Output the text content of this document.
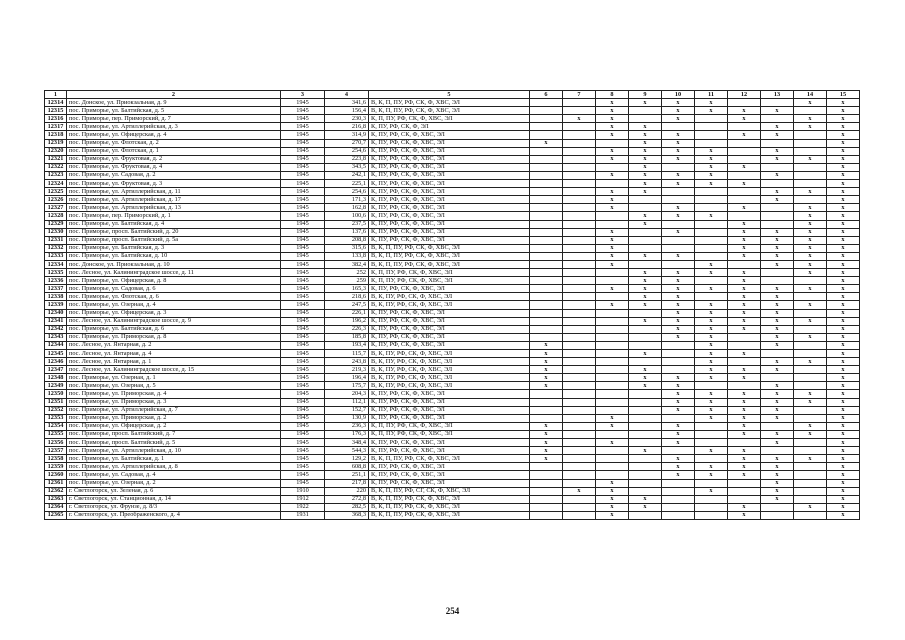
1	2	3	4	5	6	7	8	9	10	11	12	13	14	15
12314	пос. Донское, ул. Приокзальная, д. 9	1945	341,6	В, К, П, ПУ, РФ, СК, Ф, ХВС, ЭЛ			x	x	x	x			x	x
12315	пос. Приморье, ул. Балтийская, д. 5	1945	156,4	В, К, П, ПУ, РФ, СК, Ф, ХВС, ЭЛ			x		x	x	x	x		x
12316	пос. Приморье, пер. Приморский, д. 7	1945	230,3	К, П, ПУ, РФ, СК, Ф, ХВС, ЭЛ		x	x		x		x		x	x
12317	пос. Приморье, ул. Артиллерийская, д. 3	1945	216,8	К, ПУ, РФ, СК, Ф, ЭЛ			x	x				x	x	x
12318	пос. Приморье, ул. Офицерская, д. 4	1945	314,9	К, ПУ, РФ, СК, Ф, ХВС, ЭЛ			x	x	x		x	x		x
12319	пос. Приморье, ул. Флотская, д. 2	1945	270,7	К, ПУ, РФ, СК, Ф, ХВС, ЭЛ	x			x	x					x
12320	пос. Приморье, ул. Флотская, д. 1	1945	254,6	К, ПУ, РФ, СК, Ф, ХВС, ЭЛ			x	x	x	x		x		x
12321	пос. Приморье, ул. Фруктовая, д. 2	1945	223,8	К, ПУ, РФ, СК, Ф, ХВС, ЭЛ			x	x	x	x		x	x	x
12322	пос. Приморье, ул. Фруктовая, д. 4	1945	343,5	К, ПУ, РФ, СК, Ф, ХВС, ЭЛ				x		x	x			x
12323	пос. Приморье, ул. Садовая, д. 2	1945	242,1	К, ПУ, РФ, СК, Ф, ХВС, ЭЛ			x	x	x	x		x		x
12324	пос. Приморье, ул. Фруктовая, д. 3	1945	225,1	К, ПУ, РФ, СК, Ф, ХВС, ЭЛ				x	x	x	x			x
12325	пос. Приморье, ул. Артиллерийская, д. 11	1945	254,6	К, ПУ, РФ, СК, Ф, ХВС, ЭЛ			x	x				x	x	x
12326	пос. Приморье, ул. Артиллерийская, д. 17	1945	171,3	К, ПУ, РФ, СК, Ф, ХВС, ЭЛ			x					x		x
12327	пос. Приморье, ул. Артиллерийская, д. 13	1945	162,8	К, ПУ, РФ, СК, Ф, ХВС, ЭЛ			x		x		x		x	x
12328	пос. Приморье, пер. Приморский, д. 1	1945	100,6	К, ПУ, РФ, СК, Ф, ХВС, ЭЛ				x	x	x			x	x
12329	пос. Приморье, ул. Балтийская, д. 4	1945	237,5	К, ПУ, РФ, СК, Ф, ХВС, ЭЛ				x			x		x	x
12330	пос. Приморье, просп. Балтийский, д. 20	1945	137,6	К, ПУ, РФ, СК, Ф, ХВС, ЭЛ			x		x		x	x	x	x
12331	пос. Приморье, просп. Балтийский, д. 5а	1945	208,8	К, ПУ, РФ, СК, Ф, ХВС, ЭЛ			x				x	x	x	x
12332	пос. Приморье, ул. Балтийская, д. 3	1945	315,6	В, К, П, ПУ, РФ, СК, Ф, ХВС, ЭЛ			x				x	x	x	x
12333	пос. Приморье, ул. Балтийская, д. 10	1945	133,8	В, К, П, ПУ, РФ, СК, Ф, ХВС, ЭЛ			x	x	x		x	x	x	x
12334	пос. Донское, ул. Приокзальная, д. 10	1945	382,4	В, К, П, ПУ, РФ, СК, Ф, ХВС, ЭЛ			x			x		x	x	x
12335	пос. Лесное, ул. Калининградское шоссе, д. 11	1945	252	К, П, ПУ, РФ, СК, Ф, ХВС, ЭЛ				x	x	x	x		x	x
12336	пос. Приморье, ул. Офицерская, д. 8	1945	259	К, П, ПУ, РФ, СК, Ф, ХВС, ЭЛ				x	x		x			x
12337	пос. Приморье, ул. Садовая, д. 6	1945	165,3	К, ПУ, РФ, СК, Ф, ХВС, ЭЛ			x	x	x	x	x	x	x	x
12338	пос. Приморье, ул. Флотская, д. 6	1945	218,6	В, К, ПУ, РФ, СК, Ф, ХВС, ЭЛ				x	x		x	x		x
12339	пос. Приморье, ул. Озерная, д. 4	1945	247,5	В, К, ПУ, РФ, СК, Ф, ХВС, ЭЛ			x	x	x	x	x	x	x	x
12340	пос. Приморье, ул. Офицерская, д. 3	1945	226,1	К, ПУ, РФ, СК, Ф, ХВС, ЭЛ					x	x	x	x		x
12341	пос. Лесное, ул. Калининградское шоссе, д. 9	1945	196,2	К, ПУ, РФ, СК, Ф, ХВС, ЭЛ				x	x	x	x	x	x	x
12342	пос. Приморье, ул. Балтийская, д. 6	1945	226,3	К, ПУ, РФ, СК, Ф, ХВС, ЭЛ					x	x	x	x		x
12343	пос. Приморье, ул. Приморская, д. 8	1945	185,8	К, ПУ, РФ, СК, Ф, ХВС, ЭЛ					x	x		x	x	x
12344	пос. Лесное, ул. Янтарная, д. 2	1945	193,4	К, ПУ, РФ, СК, Ф, ХВС, ЭЛ	x					x		x		x
12345	пос. Лесное, ул. Янтарная, д. 4	1945	115,7	В, К, ПУ, РФ, СК, Ф, ХВС, ЭЛ	x			x		x	x			x
12346	пос. Лесное, ул. Янтарная, д. 1	1945	243,8	В, К, ПУ, РФ, СК, Ф, ХВС, ЭЛ	x					x		x	x	x
12347	пос. Лесное, ул. Калининградское шоссе, д. 15	1945	219,3	В, К, ПУ, РФ, СК, Ф, ХВС, ЭЛ	x			x		x	x	x		x
12348	пос. Приморье, ул. Озерная, д. 1	1945	196,4	В, К, ПУ, РФ, СК, Ф, ХВС, ЭЛ	x			x	x	x	x			x
12349	пос. Приморье, ул. Озерная, д. 5	1945	175,7	В, К, ПУ, РФ, СК, Ф, ХВС, ЭЛ	x			x	x			x		x
12350	пос. Приморье, ул. Приморская, д. 4	1945	204,3	К, ПУ, РФ, СК, Ф, ХВС, ЭЛ					x	x	x	x	x	x
12351	пос. Приморье, ул. Приморская, д. 3	1945	112,1	К, ПУ, РФ, СК, Ф, ХВС, ЭЛ					x	x	x	x	x	x
12352	пос. Приморье, ул. Артиллерийская, д. 7	1945	152,7	К, ПУ, РФ, СК, Ф, ХВС, ЭЛ					x	x	x	x		x
12353	пос. Приморье, ул. Приморская, д. 2	1945	130,9	К, ПУ, РФ, СК, Ф, ХВС, ЭЛ			x			x	x	x		x
12354	пос. Приморье, ул. Офицерская, д. 2	1945	236,3	К, П, ПУ, РФ, СК, Ф, ХВС, ЭЛ	x		x		x		x		x	x
12355	пос. Приморье, просп. Балтийский, д. 7	1945	176,3	К, П, ПУ, РФ, СК, Ф, ХВС, ЭЛ	x				x		x	x	x	x
12356	пос. Приморье, просп. Балтийский, д. 5	1945	348,4	К, ПУ, РФ, СК, Ф, ХВС, ЭЛ	x		x		x			x		x
12357	пос. Приморье, ул. Артиллерийская, д. 10	1945	544,3	К, ПУ, РФ, СК, Ф, ХВС, ЭЛ	x			x		x	x			x
12358	пос. Приморье, ул. Балтийская, д. 1	1945	129,2	В, К, П, ПУ, РФ, СК, Ф, ХВС, ЭЛ	x				x		x	x	x	x
12359	пос. Приморье, ул. Артиллерийская, д. 8	1945	608,8	К, ПУ, РФ, СК, Ф, ХВС, ЭЛ					x	x	x	x		x
12360	пос. Приморье, ул. Садовая, д. 4	1945	251,1	К, ПУ, РФ, СК, Ф, ХВС, ЭЛ					x	x	x	x		x
12361	пос. Приморье, ул. Озерная, д. 2	1945	217,8	К, ПУ, РФ, СК, Ф, ХВС, ЭЛ			x					x		x
12362	г. Светлогорск, ул. Зеленая, д. 6	1910	220	В, К, П, ПУ, РФ, СГ, СК, Ф, ХВС, ЭЛ		x	x			x		x		x
12363	г. Светлогорск, ул. Станционная, д. 14	1912	272,8	В, К, П, ПУ, РФ, СК, Ф, ХВС, ЭЛ			x	x				x		x
12364	г. Светлогорск, ул. Фрунзе, д. 8/3	1922	282,5	В, К, П, ПУ, РФ, СК, Ф, ХВС, ЭЛ			x	x			x		x	x
12365	г. Светлогорск, ул. Преображенского, д. 4	1931	368,3	В, К, П, ПУ, РФ, СК, Ф, ХВС, ЭЛ			x				x			x
254
